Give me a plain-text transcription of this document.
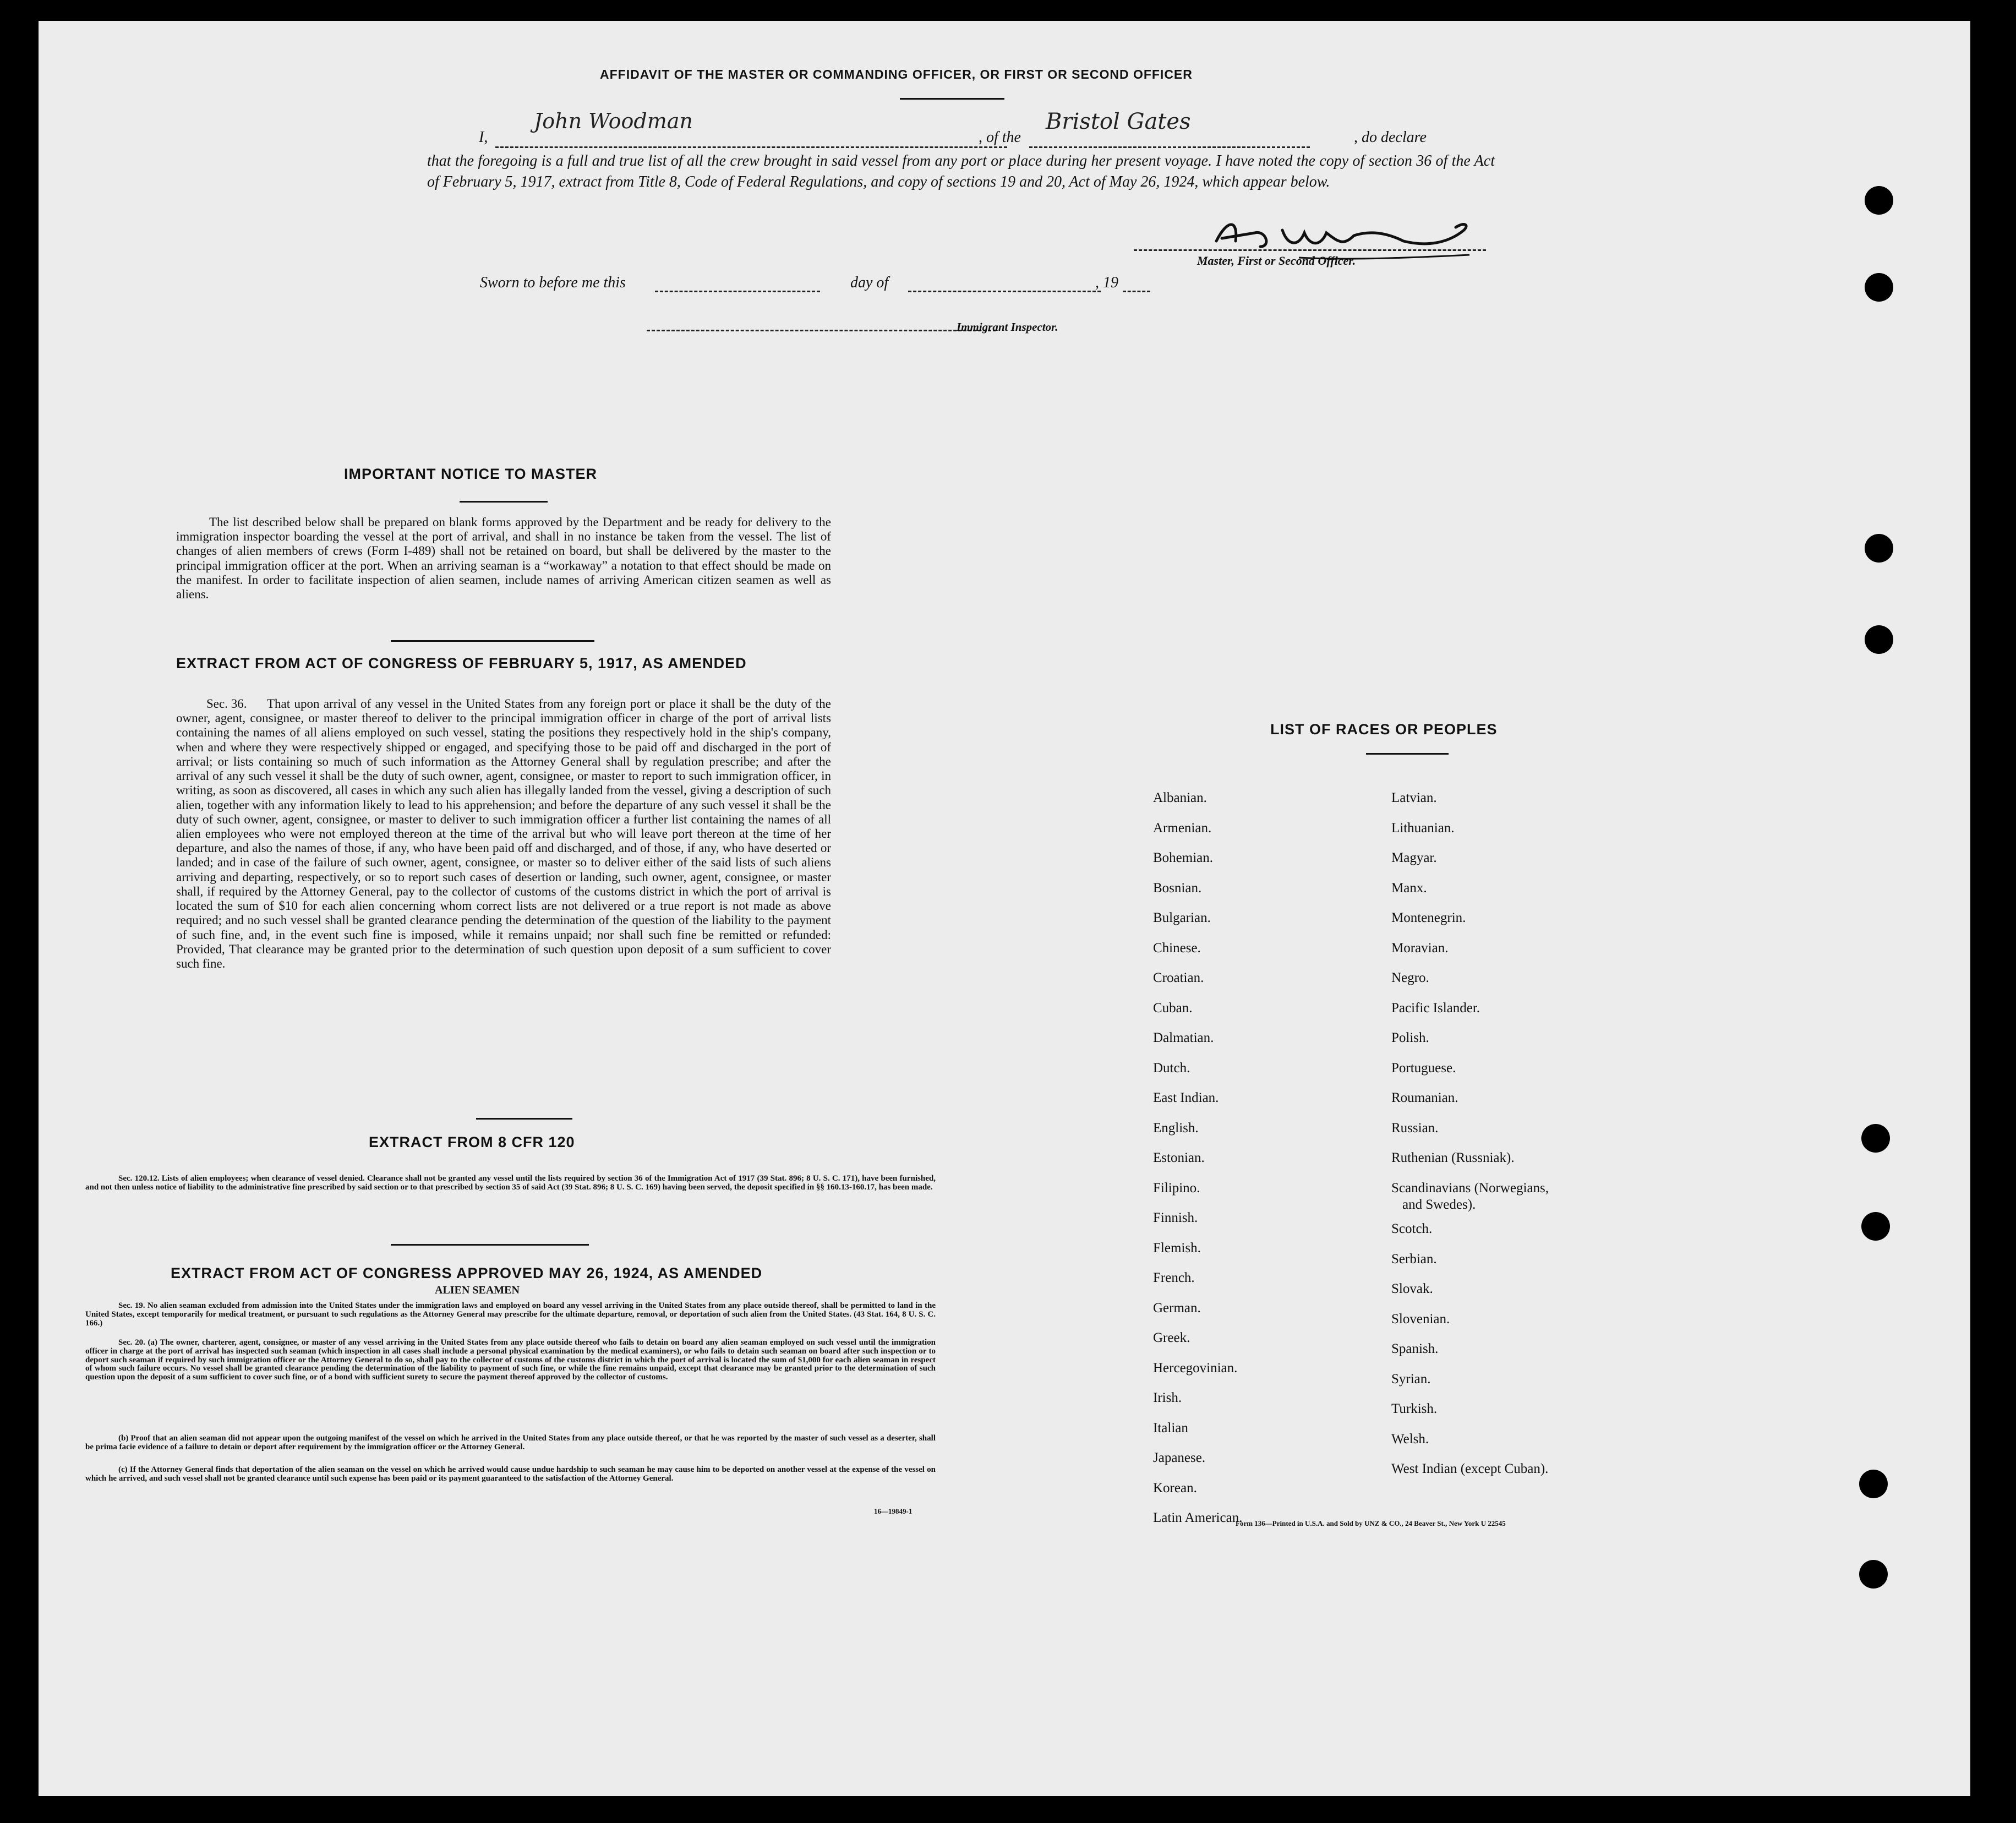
AFFIDAVIT OF THE MASTER OR COMMANDING OFFICER, OR FIRST OR SECOND OFFICER
I,
John Woodman
, of the
Bristol Gates
, do declare
that the foregoing is a full and true list of all the crew brought in said vessel from any port or place during her present voyage. I have noted the copy of section 36 of the Act of February 5, 1917, extract from Title 8, Code of Federal Regulations, and copy of sections 19 and 20, Act of May 26, 1924, which appear below.
Master, First or Second Officer.
Sworn to before me this	day of	, 19
Immigrant Inspector.
IMPORTANT NOTICE TO MASTER
The list described below shall be prepared on blank forms approved by the Department and be ready for delivery to the immigration inspector boarding the vessel at the port of arrival, and shall in no instance be taken from the vessel. The list of changes of alien members of crews (Form I-489) shall not be retained on board, but shall be delivered by the master to the principal immigration officer at the port. When an arriving seaman is a “workaway” a notation to that effect should be made on the manifest. In order to facilitate inspection of alien seamen, include names of arriving American citizen seamen as well as aliens.
EXTRACT FROM ACT OF CONGRESS OF FEBRUARY 5, 1917, AS AMENDED
Sec. 36.	That upon arrival of any vessel in the United States from any foreign port or place it shall be the duty of the owner, agent, consignee, or master thereof to deliver to the principal immigration officer in charge of the port of arrival lists containing the names of all aliens employed on such vessel, stating the positions they respectively hold in the ship's company, when and where they were respectively shipped or engaged, and specifying those to be paid off and discharged in the port of arrival; or lists containing so much of such information as the Attorney General shall by regulation prescribe; and after the arrival of any such vessel it shall be the duty of such owner, agent, consignee, or master to report to such immigration officer, in writing, as soon as discovered, all cases in which any such alien has illegally landed from the vessel, giving a description of such alien, together with any information likely to lead to his apprehension; and before the departure of any such vessel it shall be the duty of such owner, agent, consignee, or master to deliver to such immigration officer a further list containing the names of all alien employees who were not employed thereon at the time of the arrival but who will leave port thereon at the time of her departure, and also the names of those, if any, who have been paid off and discharged, and of those, if any, who have deserted or landed; and in case of the failure of such owner, agent, consignee, or master so to deliver either of the said lists of such aliens arriving and departing, respectively, or so to report such cases of desertion or landing, such owner, agent, consignee, or master shall, if required by the Attorney General, pay to the collector of customs of the customs district in which the port of arrival is located the sum of $10 for each alien concerning whom correct lists are not delivered or a true report is not made as above required; and no such vessel shall be granted clearance pending the determination of the question of the liability to the payment of such fine, and, in the event such fine is imposed, while it remains unpaid; nor shall such fine be remitted or refunded: Provided, That clearance may be granted prior to the determination of such question upon deposit of a sum sufficient to cover such fine.
EXTRACT FROM 8 CFR 120
Sec. 120.12. Lists of alien employees; when clearance of vessel denied. Clearance shall not be granted any vessel until the lists required by section 36 of the Immigration Act of 1917 (39 Stat. 896; 8 U. S. C. 171), have been furnished, and not then unless notice of liability to the administrative fine prescribed by said section or to that prescribed by section 35 of said Act (39 Stat. 896; 8 U. S. C. 169) having been served, the deposit specified in §§ 160.13-160.17, has been made.
EXTRACT FROM ACT OF CONGRESS APPROVED MAY 26, 1924, AS AMENDED
ALIEN SEAMEN
Sec. 19. No alien seaman excluded from admission into the United States under the immigration laws and employed on board any vessel arriving in the United States from any place outside thereof, shall be permitted to land in the United States, except temporarily for medical treatment, or pursuant to such regulations as the Attorney General may prescribe for the ultimate departure, removal, or deportation of such alien from the United States. (43 Stat. 164, 8 U. S. C. 166.)
Sec. 20. (a) The owner, charterer, agent, consignee, or master of any vessel arriving in the United States from any place outside thereof who fails to detain on board any alien seaman employed on such vessel until the immigration officer in charge at the port of arrival has inspected such seaman (which inspection in all cases shall include a personal physical examination by the medical examiners), or who fails to detain such seaman on board after such inspection or to deport such seaman if required by such immigration officer or the Attorney General to do so, shall pay to the collector of customs of the customs district in which the port of arrival is located the sum of $1,000 for each alien seaman in respect of whom such failure occurs. No vessel shall be granted clearance pending the determination of the liability to payment of such fine, or while the fine remains unpaid, except that clearance may be granted prior to the determination of such question upon the deposit of a sum sufficient to cover such fine, or of a bond with sufficient surety to secure the payment thereof approved by the collector of customs.
(b) Proof that an alien seaman did not appear upon the outgoing manifest of the vessel on which he arrived in the United States from any place outside thereof, or that he was reported by the master of such vessel as a deserter, shall be prima facie evidence of a failure to detain or deport after requirement by the immigration officer or the Attorney General.
(c) If the Attorney General finds that deportation of the alien seaman on the vessel on which he arrived would cause undue hardship to such seaman he may cause him to be deported on another vessel at the expense of the vessel on which he arrived, and such vessel shall not be granted clearance until such expense has been paid or its payment guaranteed to the satisfaction of the Attorney General.
16—19849-1
LIST OF RACES OR PEOPLES
Form 136—Printed in U.S.A. and Sold by UNZ & CO., 24 Beaver St., New York U 22545
Albanian.
Armenian.
Bohemian.
Bosnian.
Bulgarian.
Chinese.
Croatian.
Cuban.
Dalmatian.
Dutch.
East Indian.
English.
Estonian.
Filipino.
Finnish.
Flemish.
French.
German.
Greek.
Hercegovinian.
Irish.
Italian
Japanese.
Korean.
Latin American.
Latvian.
Lithuanian.
Magyar.
Manx.
Montenegrin.
Moravian.
Negro.
Pacific Islander.
Polish.
Portuguese.
Roumanian.
Russian.
Ruthenian (Russniak).
Scandinavians (Norwegians,
and Swedes).
Scotch.
Serbian.
Slovak.
Slovenian.
Spanish.
Syrian.
Turkish.
Welsh.
West Indian (except Cuban).
